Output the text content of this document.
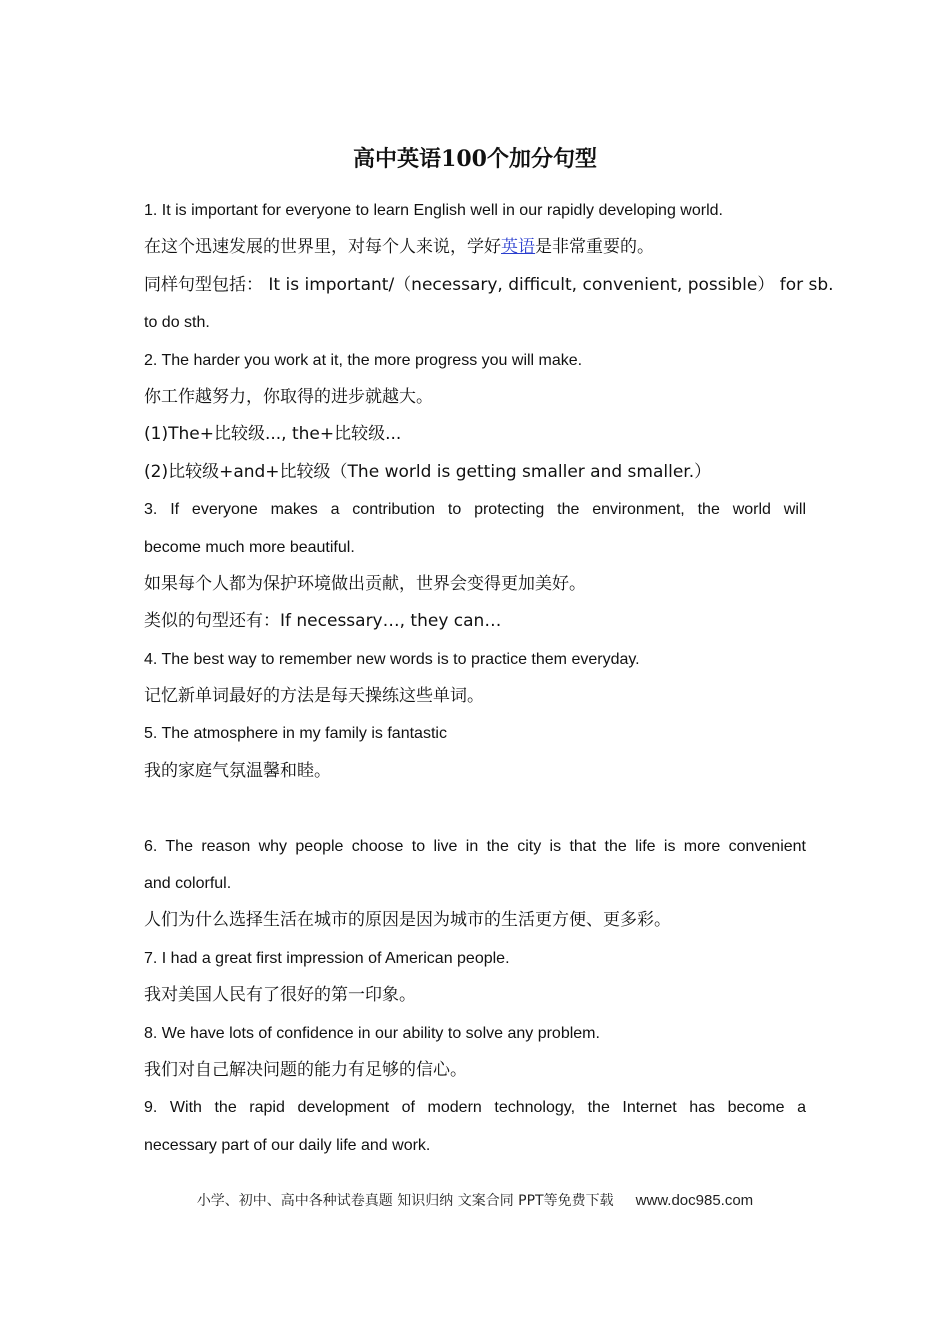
高中英语100个加分句型
1. It is important for everyone to learn English well in our rapidly developing world.
在这个迅速发展的世界里，对每个人来说，学好英语是非常重要的。
同样句型包括： It is important/（necessary, difficult, convenient, possible） for sb.
to do sth.
2. The harder you work at it, the more progress you will make.
你工作越努力，你取得的进步就越大。
(1)The+比较级..., the+比较级...
(2)比较级+and+比较级（The world is getting smaller and smaller.）
3. If everyone makes a contribution to protecting the environment, the world will
become much more beautiful.
如果每个人都为保护环境做出贡献，世界会变得更加美好。
类似的句型还有：If necessary…, they can…
4. The best way to remember new words is to practice them everyday.
记忆新单词最好的方法是每天操练这些单词。
5. The atmosphere in my family is fantastic
我的家庭气氛温馨和睦。
6. The reason why people choose to live in the city is that the life is more convenient
and colorful.
人们为什么选择生活在城市的原因是因为城市的生活更方便、更多彩。
7. I had a great first impression of American people.
我对美国人民有了很好的第一印象。
8. We have lots of confidence in our ability to solve any problem.
我们对自己解决问题的能力有足够的信心。
9. With the rapid development of modern technology, the Internet has become a
necessary part of our daily life and work.
小学、初中、高中各种试卷真题 知识归纳 文案合同 PPT等免费下载 www.doc985.com
